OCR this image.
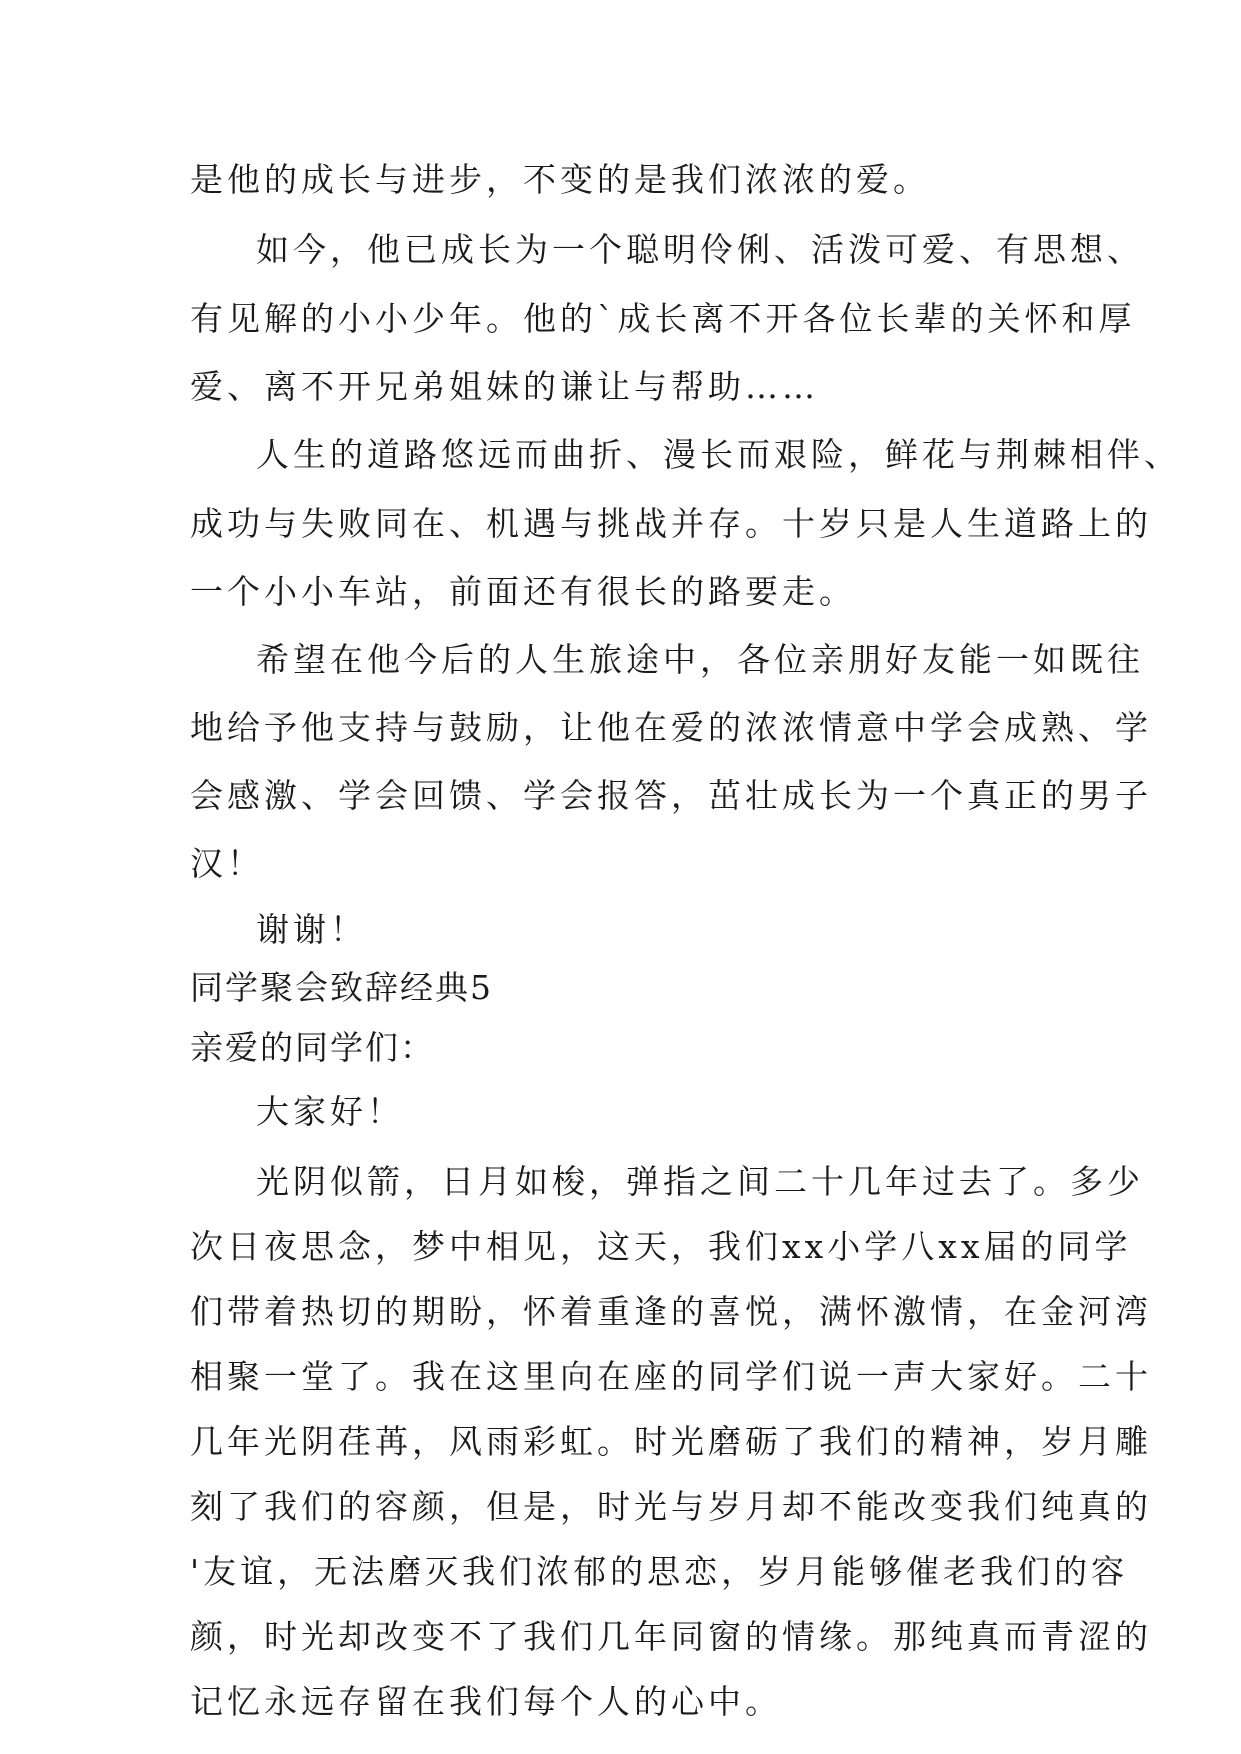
是他的成长与进步，不变的是我们浓浓的爱。
如今，他已成长为一个聪明伶俐、活泼可爱、有思想、
有见解的小小少年。他的`成长离不开各位长辈的关怀和厚
爱、离不开兄弟姐妹的谦让与帮助……
人生的道路悠远而曲折、漫长而艰险，鲜花与荆棘相伴、
成功与失败同在、机遇与挑战并存。十岁只是人生道路上的
一个小小车站，前面还有很长的路要走。
希望在他今后的人生旅途中，各位亲朋好友能一如既往
地给予他支持与鼓励，让他在爱的浓浓情意中学会成熟、学
会感激、学会回馈、学会报答，茁壮成长为一个真正的男子
汉！
谢谢！
同学聚会致辞经典5
亲爱的同学们：
大家好！
光阴似箭，日月如梭，弹指之间二十几年过去了。多少
次日夜思念，梦中相见，这天，我们xx小学八xx届的同学
们带着热切的期盼，怀着重逢的喜悦，满怀激情，在金河湾
相聚一堂了。我在这里向在座的同学们说一声大家好。二十
几年光阴荏苒，风雨彩虹。时光磨砺了我们的精神，岁月雕
刻了我们的容颜，但是，时光与岁月却不能改变我们纯真的
'友谊，无法磨灭我们浓郁的思恋，岁月能够催老我们的容
颜，时光却改变不了我们几年同窗的情缘。那纯真而青涩的
记忆永远存留在我们每个人的心中。
